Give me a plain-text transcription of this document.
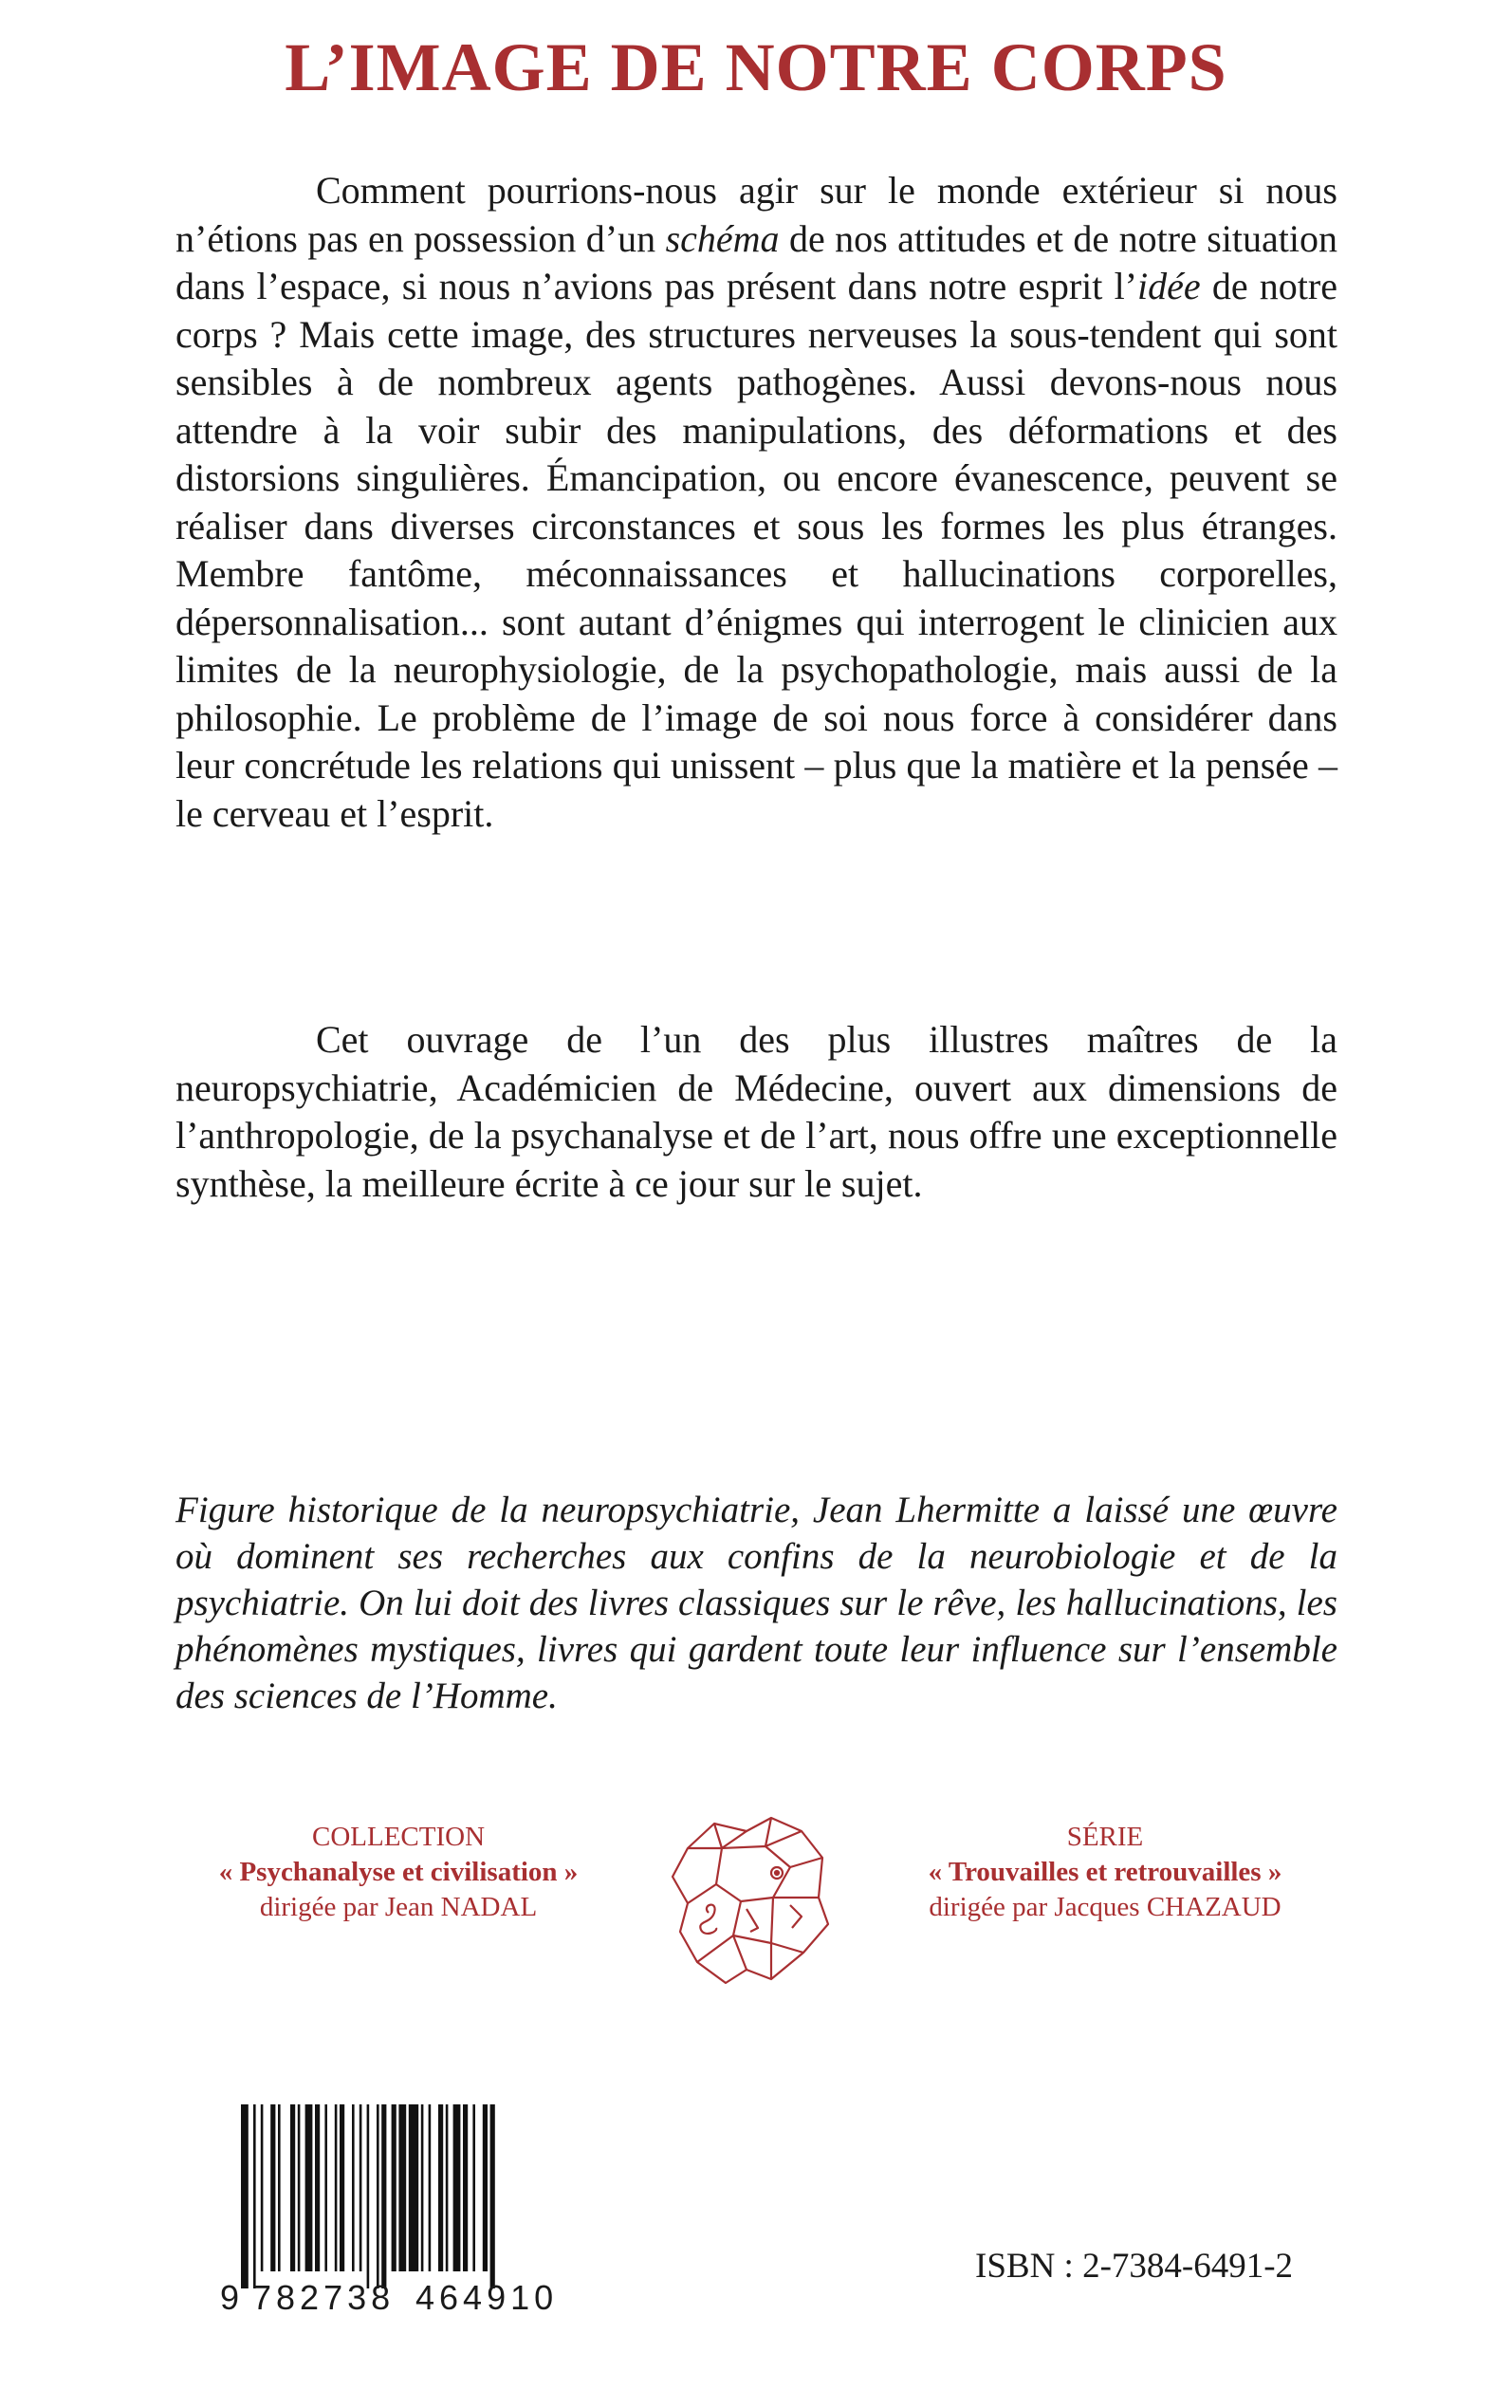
L’IMAGE DE NOTRE CORPS

Comment pourrions-nous agir sur le monde extérieur si nous n’étions pas en possession d’un schéma de nos attitudes et de notre situation dans l’espace, si nous n’avions pas présent dans notre esprit l’idée de notre corps ? Mais cette image, des structures nerveuses la sous-tendent qui sont sensibles à de nombreux agents pathogènes. Aussi devons-nous nous attendre à la voir subir des manipulations, des déformations et des distorsions singulières. Émancipation, ou encore évanescence, peuvent se réaliser dans diverses circonstances et sous les formes les plus étranges. Membre fantôme, méconnaissances et hallucinations corporelles, dépersonnalisation... sont autant d’énigmes qui interrogent le clinicien aux limites de la neurophysiologie, de la psychopathologie, mais aussi de la philosophie. Le problème de l’image de soi nous force à considérer dans leur concrétude les relations qui unissent – plus que la matière et la pensée – le cerveau et l’esprit.

Cet ouvrage de l’un des plus illustres maîtres de la neuropsychiatrie, Académicien de Médecine, ouvert aux dimensions de l’anthropologie, de la psychanalyse et de l’art, nous offre une exceptionnelle synthèse, la meilleure écrite à ce jour sur le sujet.

Figure historique de la neuropsychiatrie, Jean Lhermitte a laissé une œuvre où dominent ses recherches aux confins de la neurobiologie et de la psychiatrie. On lui doit des livres classiques sur le rêve, les hallucinations, les phénomènes mystiques, livres qui gardent toute leur influence sur l’ensemble des sciences de l’Homme.

COLLECTION
« Psychanalyse et civilisation »
dirigée par Jean NADAL
SÉRIE
« Trouvailles et retrouvailles »
dirigée par Jacques CHAZAUD
9 782738 464910
ISBN : 2-7384-6491-2
